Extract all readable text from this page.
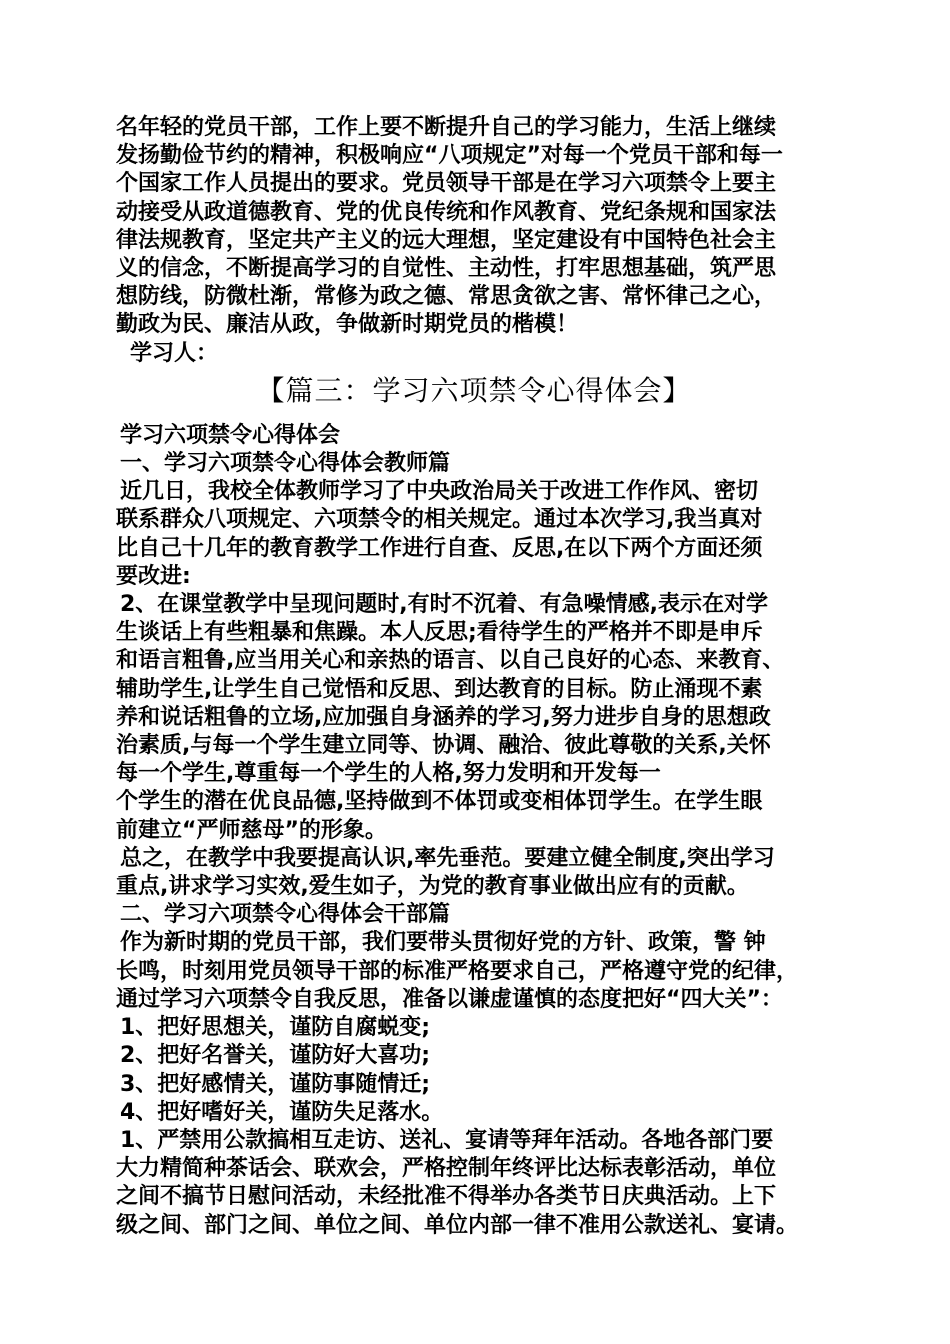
名年轻的党员干部，工作上要不断提升自己的学习能力，生活上继续
发扬勤俭节约的精神，积极响应“八项规定”对每一个党员干部和每一
个国家工作人员提出的要求。党员领导干部是在学习六项禁令上要主
动接受从政道德教育、党的优良传统和作风教育、党纪条规和国家法
律法规教育，坚定共产主义的远大理想，坚定建设有中国特色社会主
义的信念，不断提高学习的自觉性、主动性，打牢思想基础，筑严思
想防线，防微杜渐，常修为政之德、常思贪欲之害、常怀律己之心，
勤政为民、廉洁从政，争做新时期党员的楷模！
学习人：
【篇三：学习六项禁令心得体会】
学习六项禁令心得体会
一、学习六项禁令心得体会教师篇
近几日，我校全体教师学习了中央政治局关于改进工作作风、密切
联系群众八项规定、六项禁令的相关规定。通过本次学习,我当真对
比自己十几年的教育教学工作进行自查、反思,在以下两个方面还须
要改进:
2、在课堂教学中呈现问题时,有时不沉着、有急噪情感,表示在对学
生谈话上有些粗暴和焦躁。本人反思;看待学生的严格并不即是申斥
和语言粗鲁,应当用关心和亲热的语言、以自己良好的心态、来教育、
辅助学生,让学生自己觉悟和反思、到达教育的目标。防止涌现不素
养和说话粗鲁的立场,应加强自身涵养的学习,努力进步自身的思想政
治素质,与每一个学生建立同等、协调、融洽、彼此尊敬的关系,关怀
每一个学生,尊重每一个学生的人格,努力发明和开发每一
个学生的潜在优良品德,坚持做到不体罚或变相体罚学生。在学生眼
前建立“严师慈母”的形象。
总之，在教学中我要提高认识,率先垂范。要建立健全制度,突出学习
重点,讲求学习实效,爱生如子，为党的教育事业做出应有的贡献。
二、学习六项禁令心得体会干部篇
作为新时期的党员干部，我们要带头贯彻好党的方针、政策，警 钟
长鸣，时刻用党员领导干部的标准严格要求自己，严格遵守党的纪律，
通过学习六项禁令自我反思，准备以谦虚谨慎的态度把好“四大关”：
1、把好思想关，谨防自腐蜕变;
2、把好名誉关，谨防好大喜功;
3、把好感情关，谨防事随情迁;
4、把好嗜好关，谨防失足落水。
1、严禁用公款搞相互走访、送礼、宴请等拜年活动。各地各部门要
大力精简种茶话会、联欢会，严格控制年终评比达标表彰活动，单位
之间不搞节日慰问活动，未经批准不得举办各类节日庆典活动。上下
级之间、部门之间、单位之间、单位内部一律不准用公款送礼、宴请。
